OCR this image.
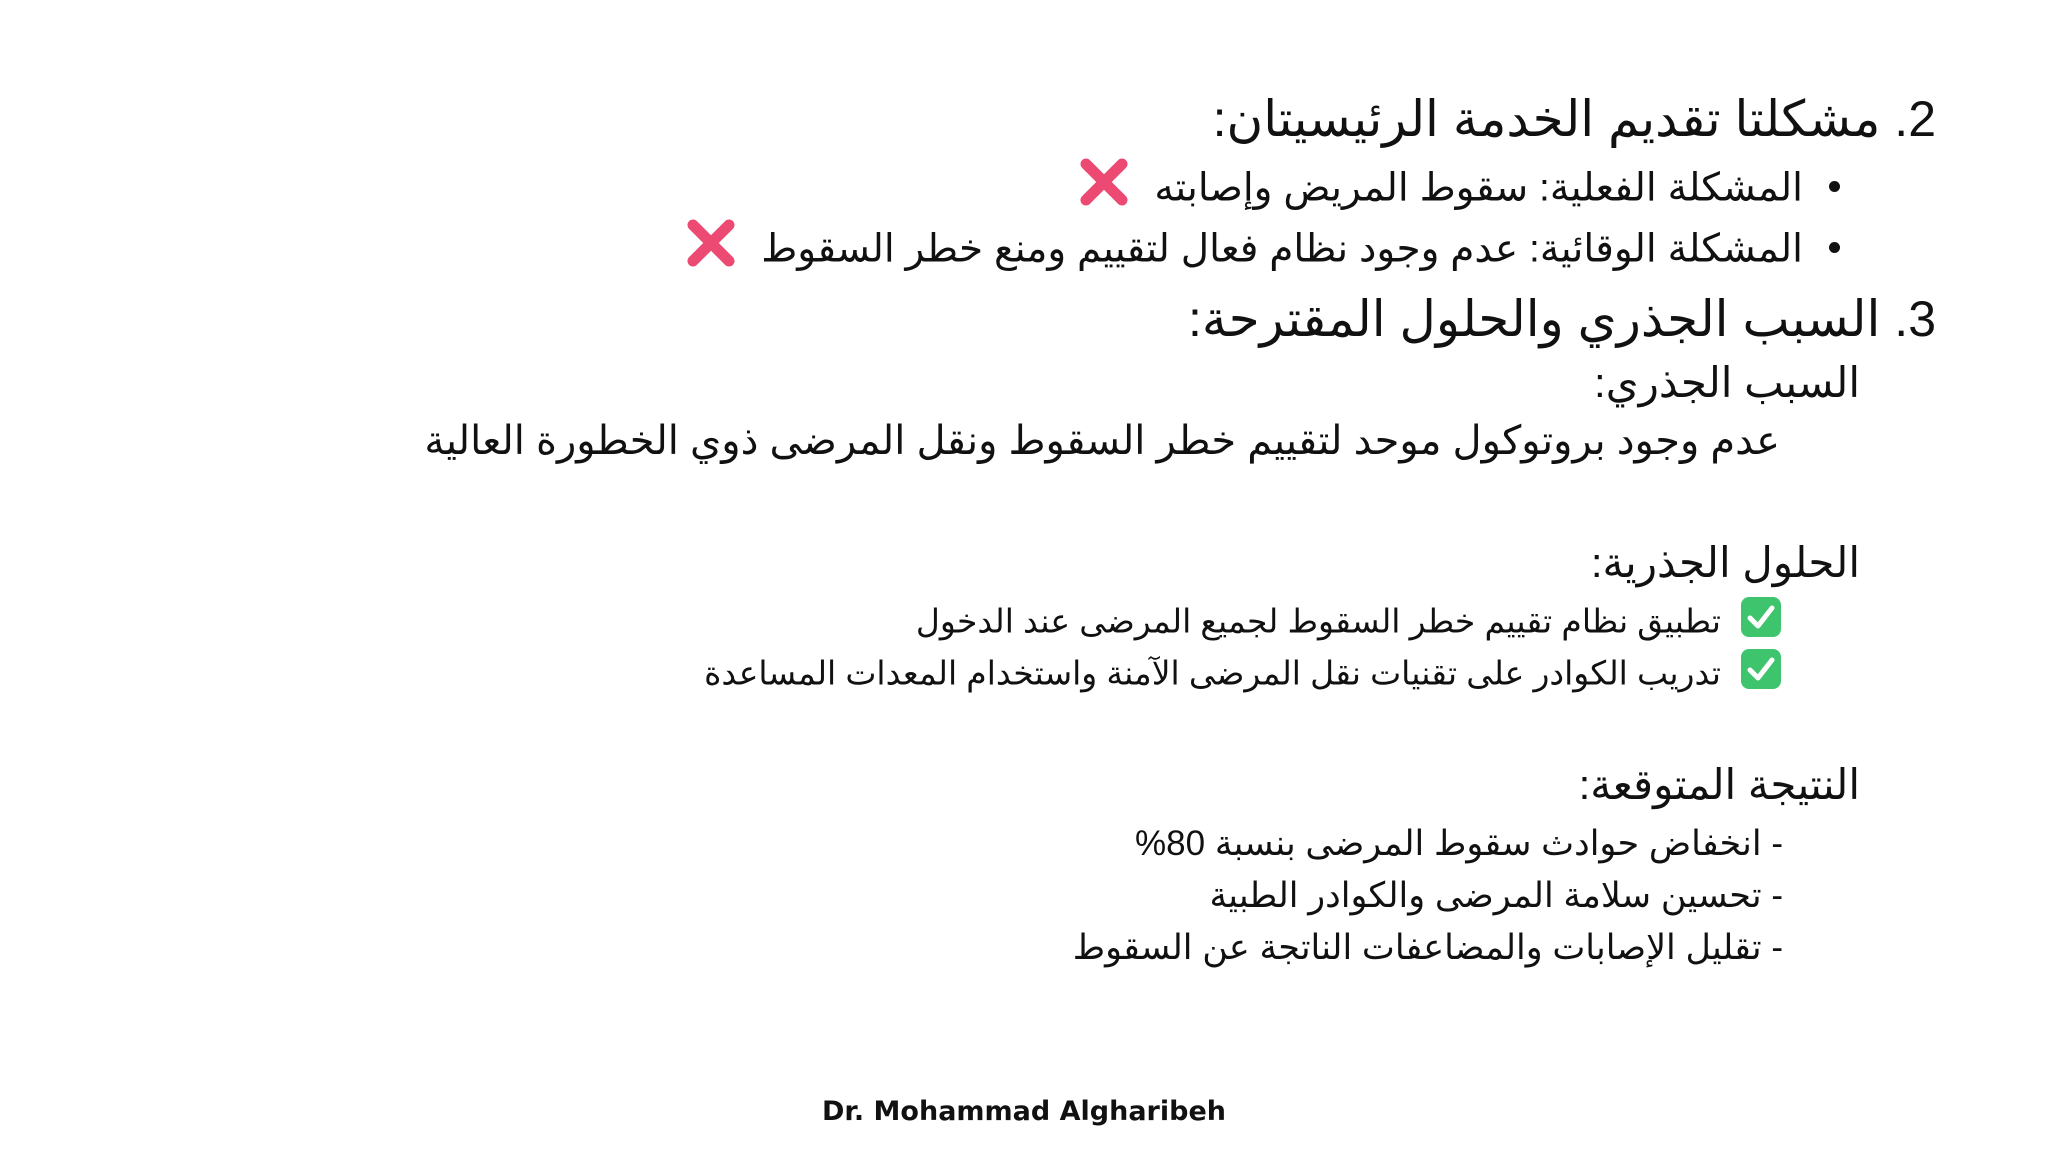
.2 مشكلتا تقديم الخدمة الرئيسيتان:
المشكلة الفعلية: سقوط المريض وإصابته
المشكلة الوقائية: عدم وجود نظام فعال لتقييم ومنع خطر السقوط
.3 السبب الجذري والحلول المقترحة:
السبب الجذري:
عدم وجود بروتوكول موحد لتقييم خطر السقوط ونقل المرضى ذوي الخطورة العالية
الحلول الجذرية:
تطبيق نظام تقييم خطر السقوط لجميع المرضى عند الدخول
تدريب الكوادر على تقنيات نقل المرضى الآمنة واستخدام المعدات المساعدة
النتيجة المتوقعة:
- انخفاض حوادث سقوط المرضى بنسبة 80%
- تحسين سلامة المرضى والكوادر الطبية
- تقليل الإصابات والمضاعفات الناتجة عن السقوط
Dr. Mohammad Algharibeh
